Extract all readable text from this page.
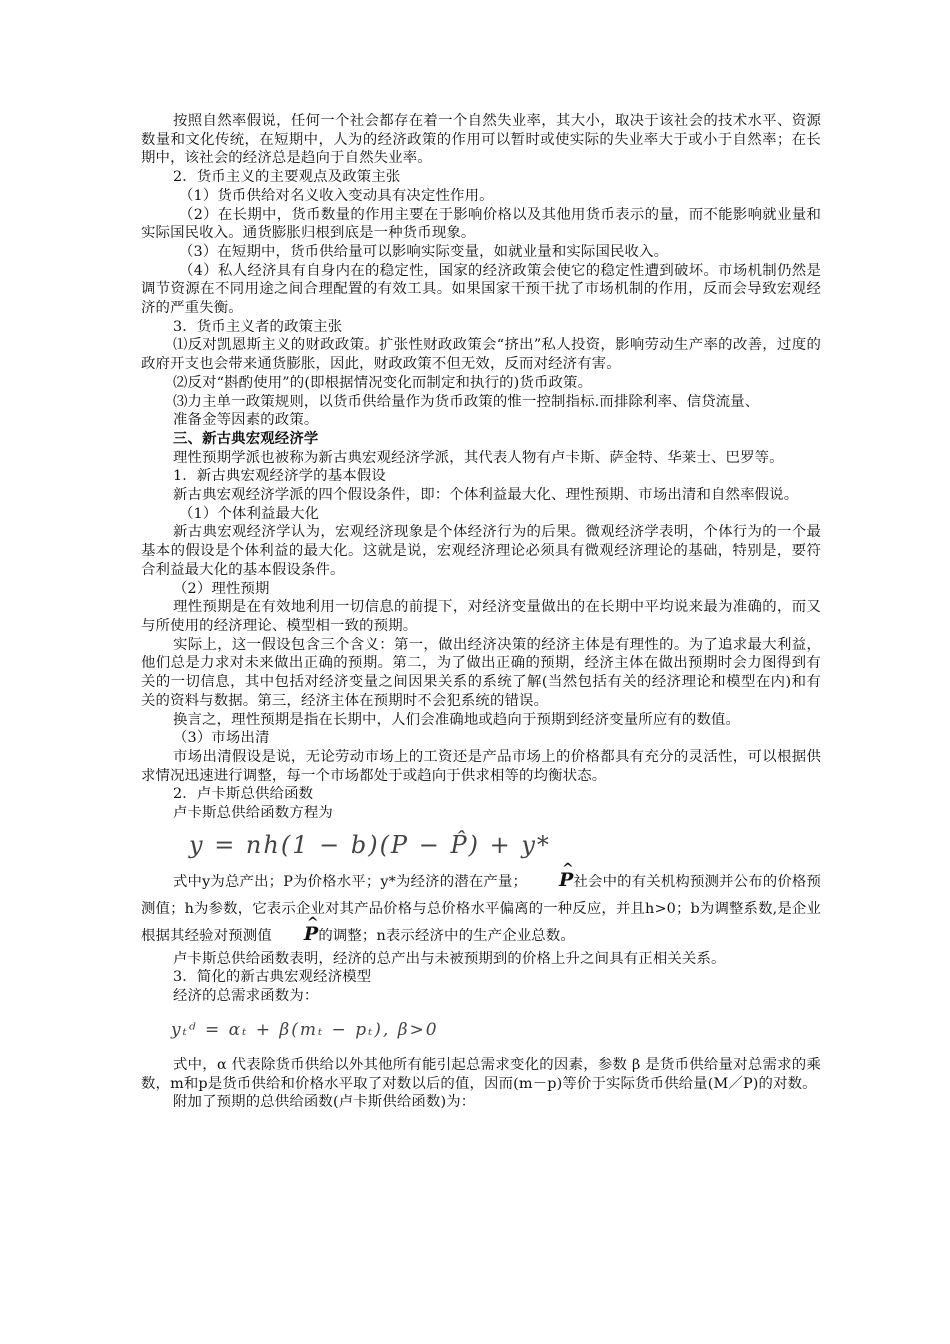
按照自然率假说，任何一个社会都存在着一个自然失业率，其大小，取决于该社会的技术水平、资源数量和文化传统，在短期中，人为的经济政策的作用可以暂时或使实际的失业率大于或小于自然率；在长期中，该社会的经济总是趋向于自然失业率。

2．货币主义的主要观点及政策主张

（1）货币供给对名义收入变动具有决定性作用。

（2）在长期中，货币数量的作用主要在于影响价格以及其他用货币表示的量，而不能影响就业量和实际国民收入。通货膨胀归根到底是一种货币现象。

（3）在短期中，货币供给量可以影响实际变量，如就业量和实际国民收入。

（4）私人经济具有自身内在的稳定性，国家的经济政策会使它的稳定性遭到破坏。市场机制仍然是调节资源在不同用途之间合理配置的有效工具。如果国家干预干扰了市场机制的作用，反而会导致宏观经济的严重失衡。

3．货币主义者的政策主张

⑴反对凯恩斯主义的财政政策。扩张性财政政策会“挤出”私人投资，影响劳动生产率的改善，过度的政府开支也会带来通货膨胀，因此，财政政策不但无效，反而对经济有害。

⑵反对“斟酌使用”的(即根据情况变化而制定和执行的)货币政策。

⑶力主单一政策规则，以货币供给量作为货币政策的惟一控制指标.而排除利率、信贷流量、

准备金等因素的政策。

三、新古典宏观经济学

理性预期学派也被称为新古典宏观经济学派，其代表人物有卢卡斯、萨金特、华莱士、巴罗等。

1．新古典宏观经济学的基本假设

新古典宏观经济学派的四个假设条件，即：个体利益最大化、理性预期、市场出清和自然率假说。

（1）个体利益最大化

新古典宏观经济学认为，宏观经济现象是个体经济行为的后果。微观经济学表明，个体行为的一个最基本的假设是个体利益的最大化。这就是说，宏观经济理论必须具有微观经济理论的基础，特别是，要符合利益最大化的基本假设条件。

（2）理性预期

理性预期是在有效地利用一切信息的前提下，对经济变量做出的在长期中平均说来最为准确的，而又与所使用的经济理论、模型相一致的预期。

实际上，这一假设包含三个含义：第一，做出经济决策的经济主体是有理性的。为了追求最大利益，他们总是力求对未来做出正确的预期。第二，为了做出正确的预期，经济主体在做出预期时会力图得到有关的一切信息，其中包括对经济变量之间因果关系的系统了解(当然包括有关的经济理论和模型在内)和有关的资料与数据。第三，经济主体在预期时不会犯系统的错误。

换言之，理性预期是指在长期中，人们会准确地或趋向于预期到经济变量所应有的数值。

（3）市场出清

市场出清假设是说，无论劳动市场上的工资还是产品市场上的价格都具有充分的灵活性，可以根据供求情况迅速进行调整，每一个市场都处于或趋向于供求相等的均衡状态。

2．卢卡斯总供给函数

卢卡斯总供给函数方程为

y = nh(1 − b)(P − P̂) + y*

式中y为总产出；P为价格水平；y*为经济的潜在产量； ^ P社会中的有关机构预测并公布的价格预测值；h为参数，它表示企业对其产品价格与总价格水平偏离的一种反应，并且h>0；b为调整系数,是企业根据其经验对预测值 ^ P的调整；n表示经济中的生产企业总数。

卢卡斯总供给函数表明，经济的总产出与未被预期到的价格上升之间具有正相关关系。

3．简化的新古典宏观经济模型

经济的总需求函数为：

yₜᵈ = αₜ + β(mₜ − pₜ), β>0

式中，α 代表除货币供给以外其他所有能引起总需求变化的因素，参数 β 是货币供给量对总需求的乘数，m和p是货币供给和价格水平取了对数以后的值，因而(m－p)等价于实际货币供给量(M／P)的对数。

附加了预期的总供给函数(卢卡斯供给函数)为：
